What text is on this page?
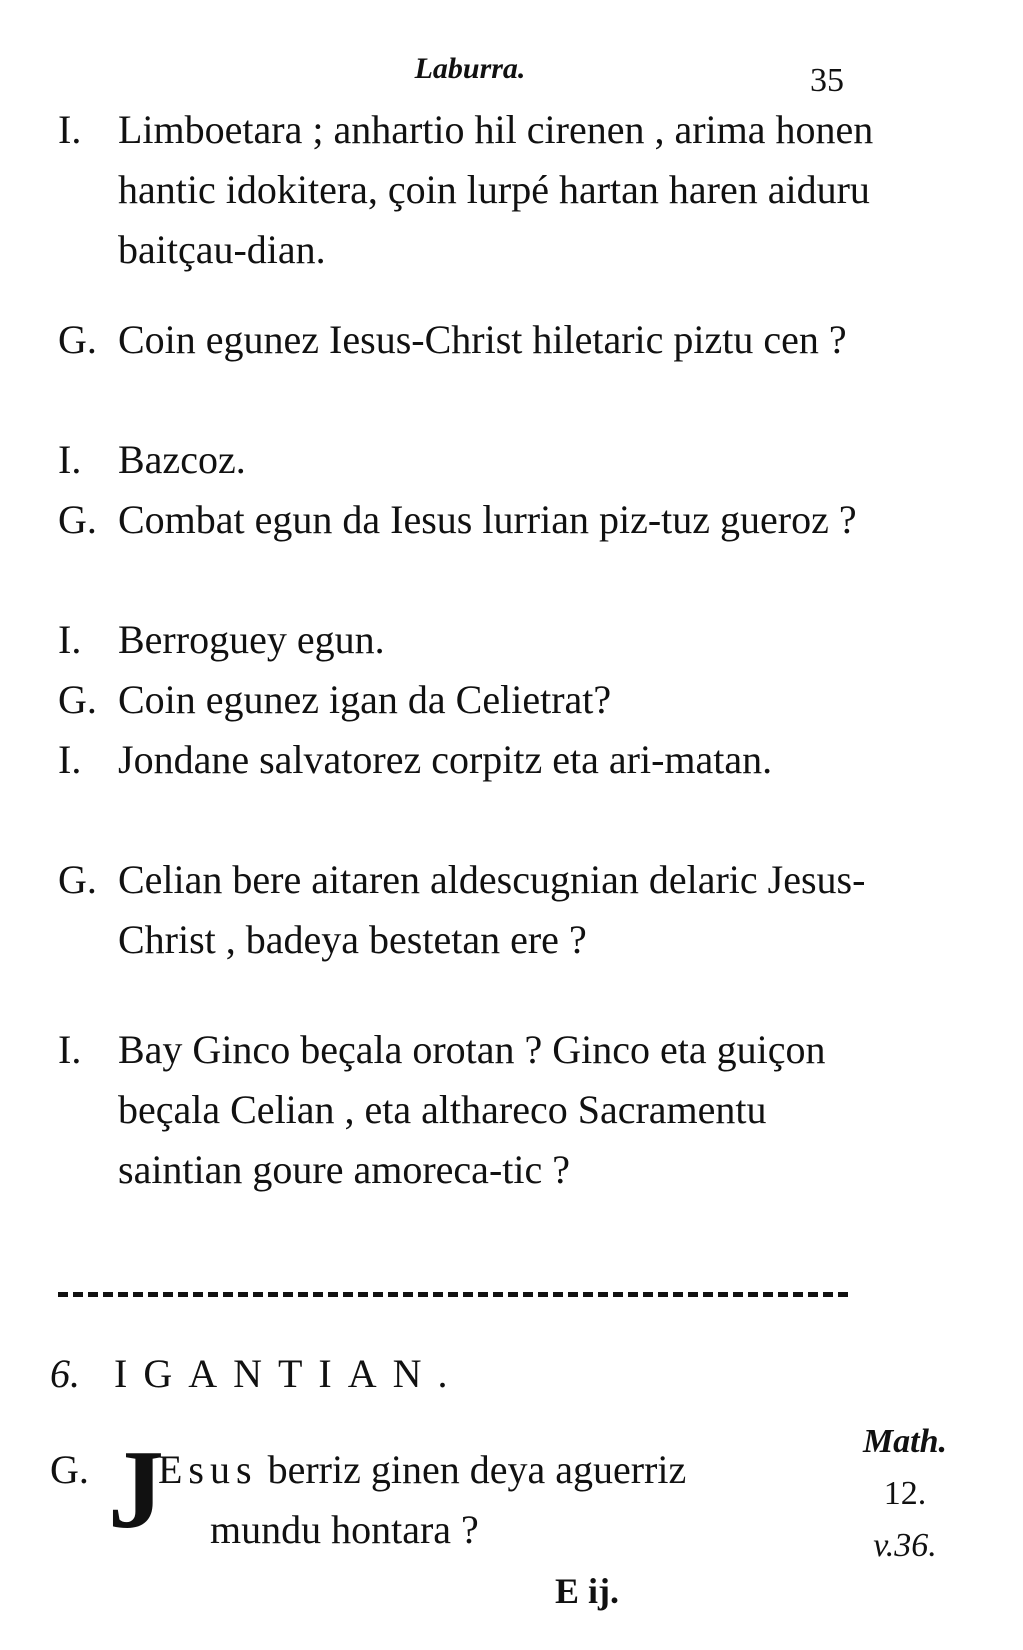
Laburra.	35
I. Limboetara ; anhartio hil cirenen , arima honen hantic idokitera, çoin lurpé hartan haren aiduru baitçau-dian.
G. Coin egunez Iesus-Christ hiletaric piztu cen ?
I. Bazcoz.
G. Combat egun da Iesus lurrian piz-tuz gueroz ?
I. Berroguey egun.
G. Coin egunez igan da Celietrat?
I. Jondane salvatorez corpitz eta ari-matan.
G. Celian bere aitaren aldescugnian delaric Jesus-Christ , badeya bestetan ere ?
I. Bay Ginco beçala orotan ? Ginco eta guiçon beçala Celian , eta althareco Sacramentu saintian goure amoreca-tic ?
6. IGANTIAN.
G. J
Esus berriz ginen deya aguerriz
mundu hontara ?
Math.
12.
v.36.
E ij.
